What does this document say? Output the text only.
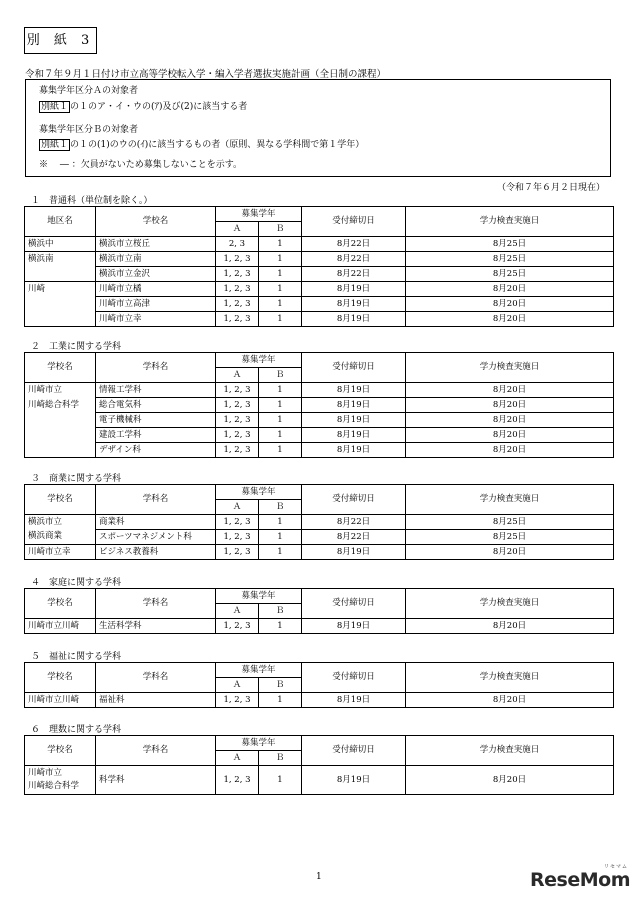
別 紙 3
令和７年９月１日付け市立高等学校転入学・編入学者選抜実施計画（全日制の課程）
募集学年区分Ａの対象者
別紙１ の１のア・イ・ウの(ｱ)及び(2)に該当する者
募集学年区分Ｂの対象者
別紙１ の１の(1)のウの(ｲ)に該当するもの者（原則、異なる学科間で第１学年）
※　 ― ：欠員がないため募集しないことを示す。
（令和７年６月２日現在）
１　普通科（単位制を除く。）
地区名	学校名	募集学年		受付締切日	学力検査実施日
		Ａ	Ｂ		
横浜中	横浜市立桜丘	2, 3	1	8月22日	8月25日
横浜南	横浜市立南	1, 2, 3	1	8月22日	8月25日
	横浜市立金沢	1, 2, 3	1	8月22日	8月25日
川崎	川崎市立橘	1, 2, 3	1	8月19日	8月20日
	川崎市立高津	1, 2, 3	1	8月19日	8月20日
	川崎市立幸	1, 2, 3	1	8月19日	8月20日
２　工業に関する学科
学校名	学科名	募集学年		受付締切日	学力検査実施日
		Ａ	Ｂ		
川崎市立	情報工学科	1, 2, 3	1	8月19日	8月20日
川崎総合科学	総合電気科	1, 2, 3	1	8月19日	8月20日
	電子機械科	1, 2, 3	1	8月19日	8月20日
	建設工学科	1, 2, 3	1	8月19日	8月20日
	デザイン科	1, 2, 3	1	8月19日	8月20日
３　商業に関する学科
学校名	学科名	募集学年		受付締切日	学力検査実施日
		Ａ	Ｂ		
横浜市立	商業科	1, 2, 3	1	8月22日	8月25日
横浜商業	スポーツマネジメント科	1, 2, 3	1	8月22日	8月25日
川崎市立幸	ビジネス教養科	1, 2, 3	1	8月19日	8月20日
４　家庭に関する学科
学校名	学科名	募集学年		受付締切日	学力検査実施日
		Ａ	Ｂ		
川崎市立川崎	生活科学科	1, 2, 3	1	8月19日	8月20日
５　福祉に関する学科
学校名	学科名	募集学年		受付締切日	学力検査実施日
		Ａ	Ｂ		
川崎市立川崎	福祉科	1, 2, 3	1	8月19日	8月20日
６　理数に関する学科
学校名	学科名	募集学年		受付締切日	学力検査実施日
		Ａ	Ｂ		

川崎市立
川崎総合科学	科学科	1, 2, 3	1	8月19日	8月20日
1	ReseMom
リセマム
